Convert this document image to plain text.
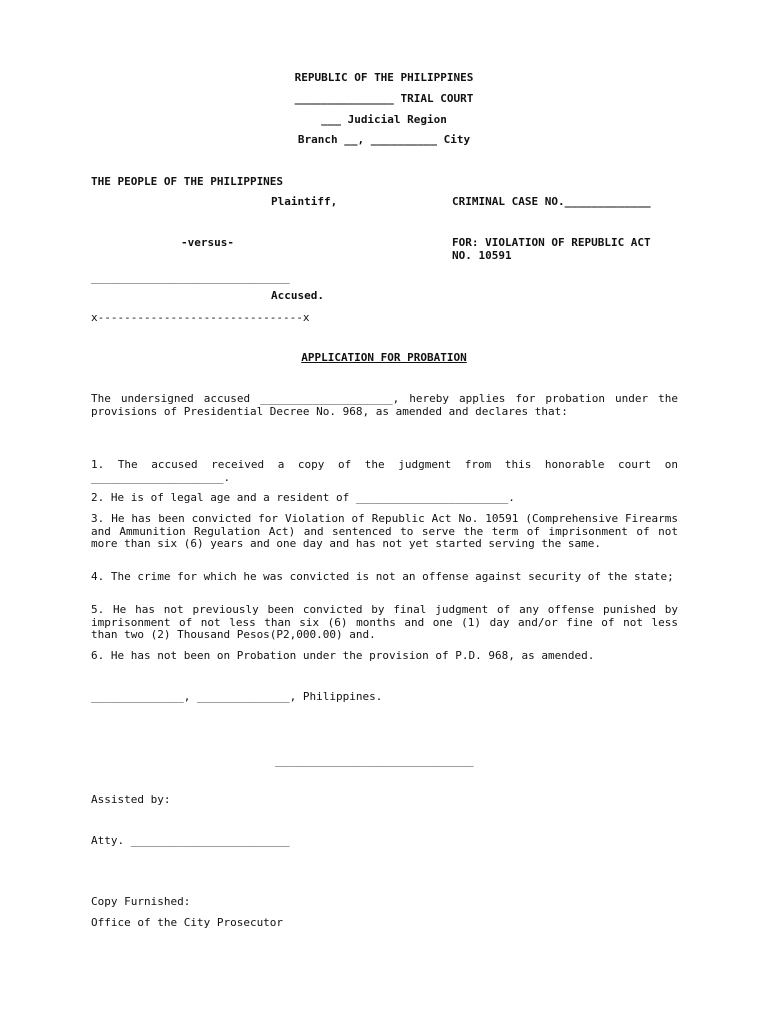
REPUBLIC OF THE PHILIPPINES
_______________ TRIAL COURT
___ Judicial Region
Branch __, __________ City
THE PEOPLE OF THE PHILIPPINES
Plaintiff,	CRIMINAL CASE NO._____________
-versus-	FOR: VIOLATION OF REPUBLIC ACT
NO. 10591
______________________________
Accused.
x-------------------------------x
APPLICATION FOR PROBATION
The undersigned accused ____________________, hereby applies for probation under the provisions of Presidential Decree No. 968, as amended and declares that:
1. The accused received a copy of the judgment from this honorable court on ____________________.
2. He is of legal age and a resident of _______________________.
3. He has been convicted for Violation of Republic Act No. 10591 (Comprehensive Firearms and Ammunition Regulation Act) and sentenced to serve the term of imprisonment of not more than six (6) years and one day and has not yet started serving the same.
4. The crime for which he was convicted is not an offense against security of the state;
5. He has not previously been convicted by final judgment of any offense punished by imprisonment of not less than six (6) months and one (1) day and/or fine of not less than two (2) Thousand Pesos(P2,000.00) and.
6. He has not been on Probation under the provision of P.D. 968, as amended.
______________, ______________, Philippines.
______________________________
Assisted by:
Atty. ________________________
Copy Furnished:
Office of the City Prosecutor
